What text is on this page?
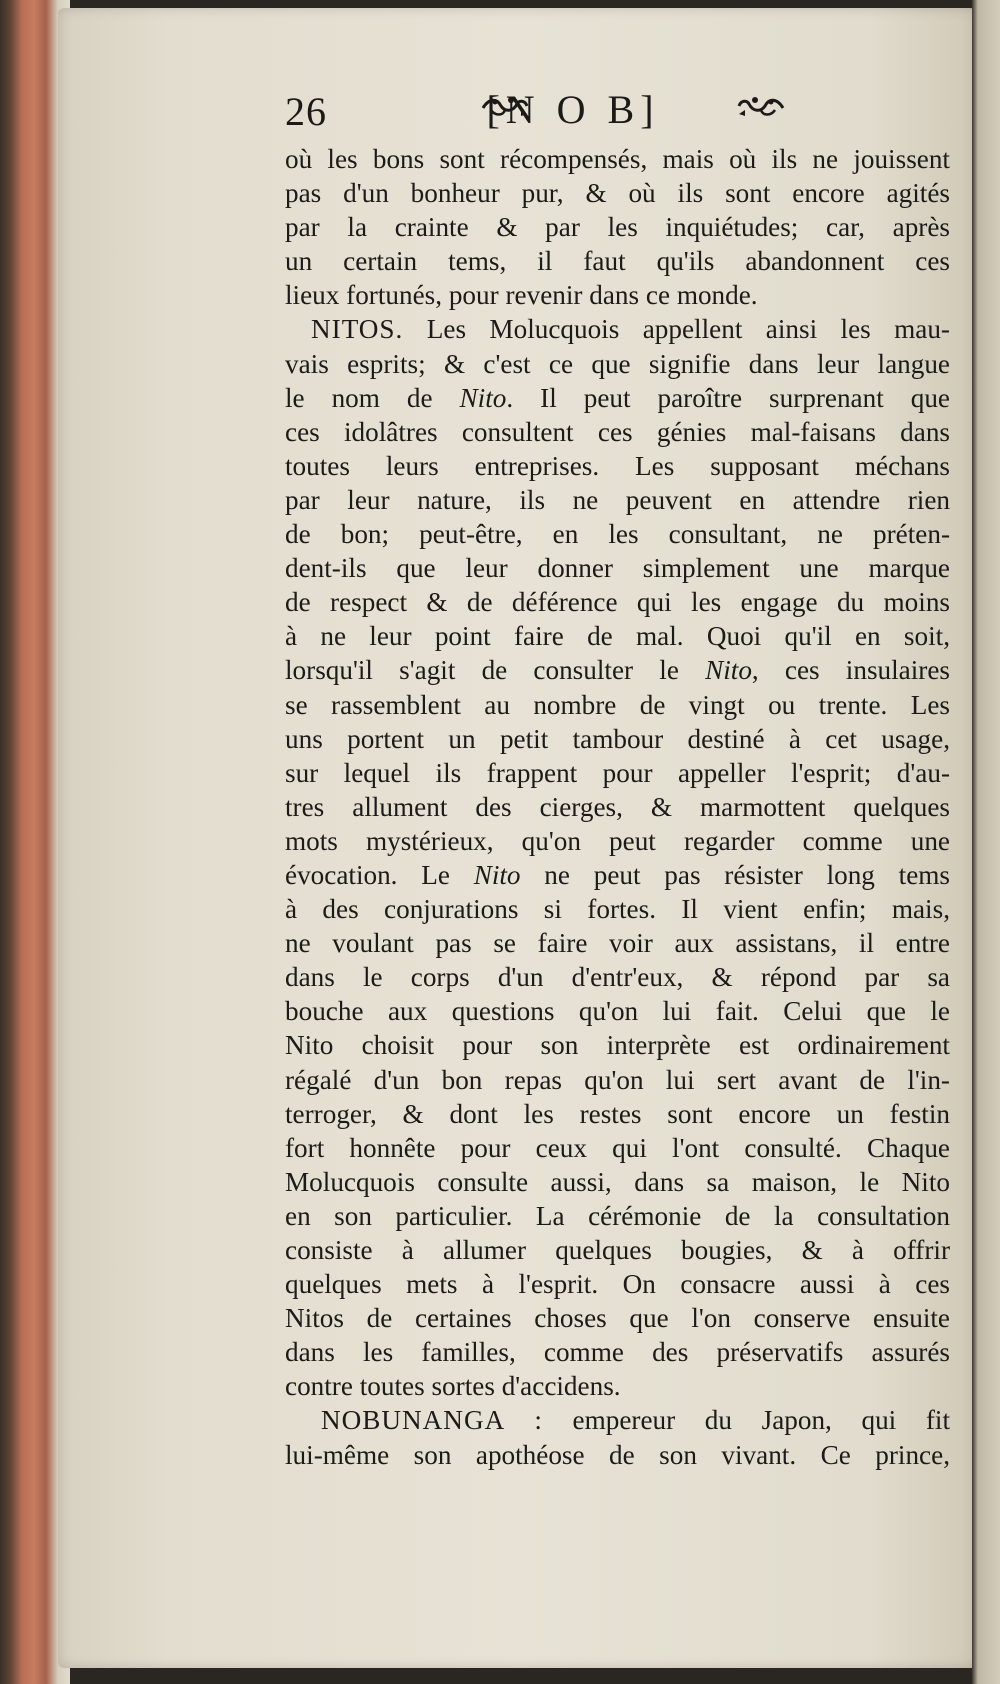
26	[N O B]
où les bons sont récompensés, mais où ils ne jouissent
pas d'un bonheur pur, & où ils sont encore agités
par la crainte & par les inquiétudes; car, après
un certain tems, il faut qu'ils abandonnent ces
lieux fortunés, pour revenir dans ce monde.
NITOS. Les Molucquois appellent ainsi les mau-
vais esprits; & c'est ce que signifie dans leur langue
le nom de Nito. Il peut paroître surprenant que
ces idolâtres consultent ces génies mal-faisans dans
toutes leurs entreprises. Les supposant méchans
par leur nature, ils ne peuvent en attendre rien
de bon; peut-être, en les consultant, ne préten-
dent-ils que leur donner simplement une marque
de respect & de déférence qui les engage du moins
à ne leur point faire de mal. Quoi qu'il en soit,
lorsqu'il s'agit de consulter le Nito, ces insulaires
se rassemblent au nombre de vingt ou trente. Les
uns portent un petit tambour destiné à cet usage,
sur lequel ils frappent pour appeller l'esprit; d'au-
tres allument des cierges, & marmottent quelques
mots mystérieux, qu'on peut regarder comme une
évocation. Le Nito ne peut pas résister long tems
à des conjurations si fortes. Il vient enfin; mais,
ne voulant pas se faire voir aux assistans, il entre
dans le corps d'un d'entr'eux, & répond par sa
bouche aux questions qu'on lui fait. Celui que le
Nito choisit pour son interprète est ordinairement
régalé d'un bon repas qu'on lui sert avant de l'in-
terroger, & dont les restes sont encore un festin
fort honnête pour ceux qui l'ont consulté. Chaque
Molucquois consulte aussi, dans sa maison, le Nito
en son particulier. La cérémonie de la consultation
consiste à allumer quelques bougies, & à offrir
quelques mets à l'esprit. On consacre aussi à ces
Nitos de certaines choses que l'on conserve ensuite
dans les familles, comme des préservatifs assurés
contre toutes sortes d'accidens.
NOBUNANGA : empereur du Japon, qui fit
lui-même son apothéose de son vivant. Ce prince,
